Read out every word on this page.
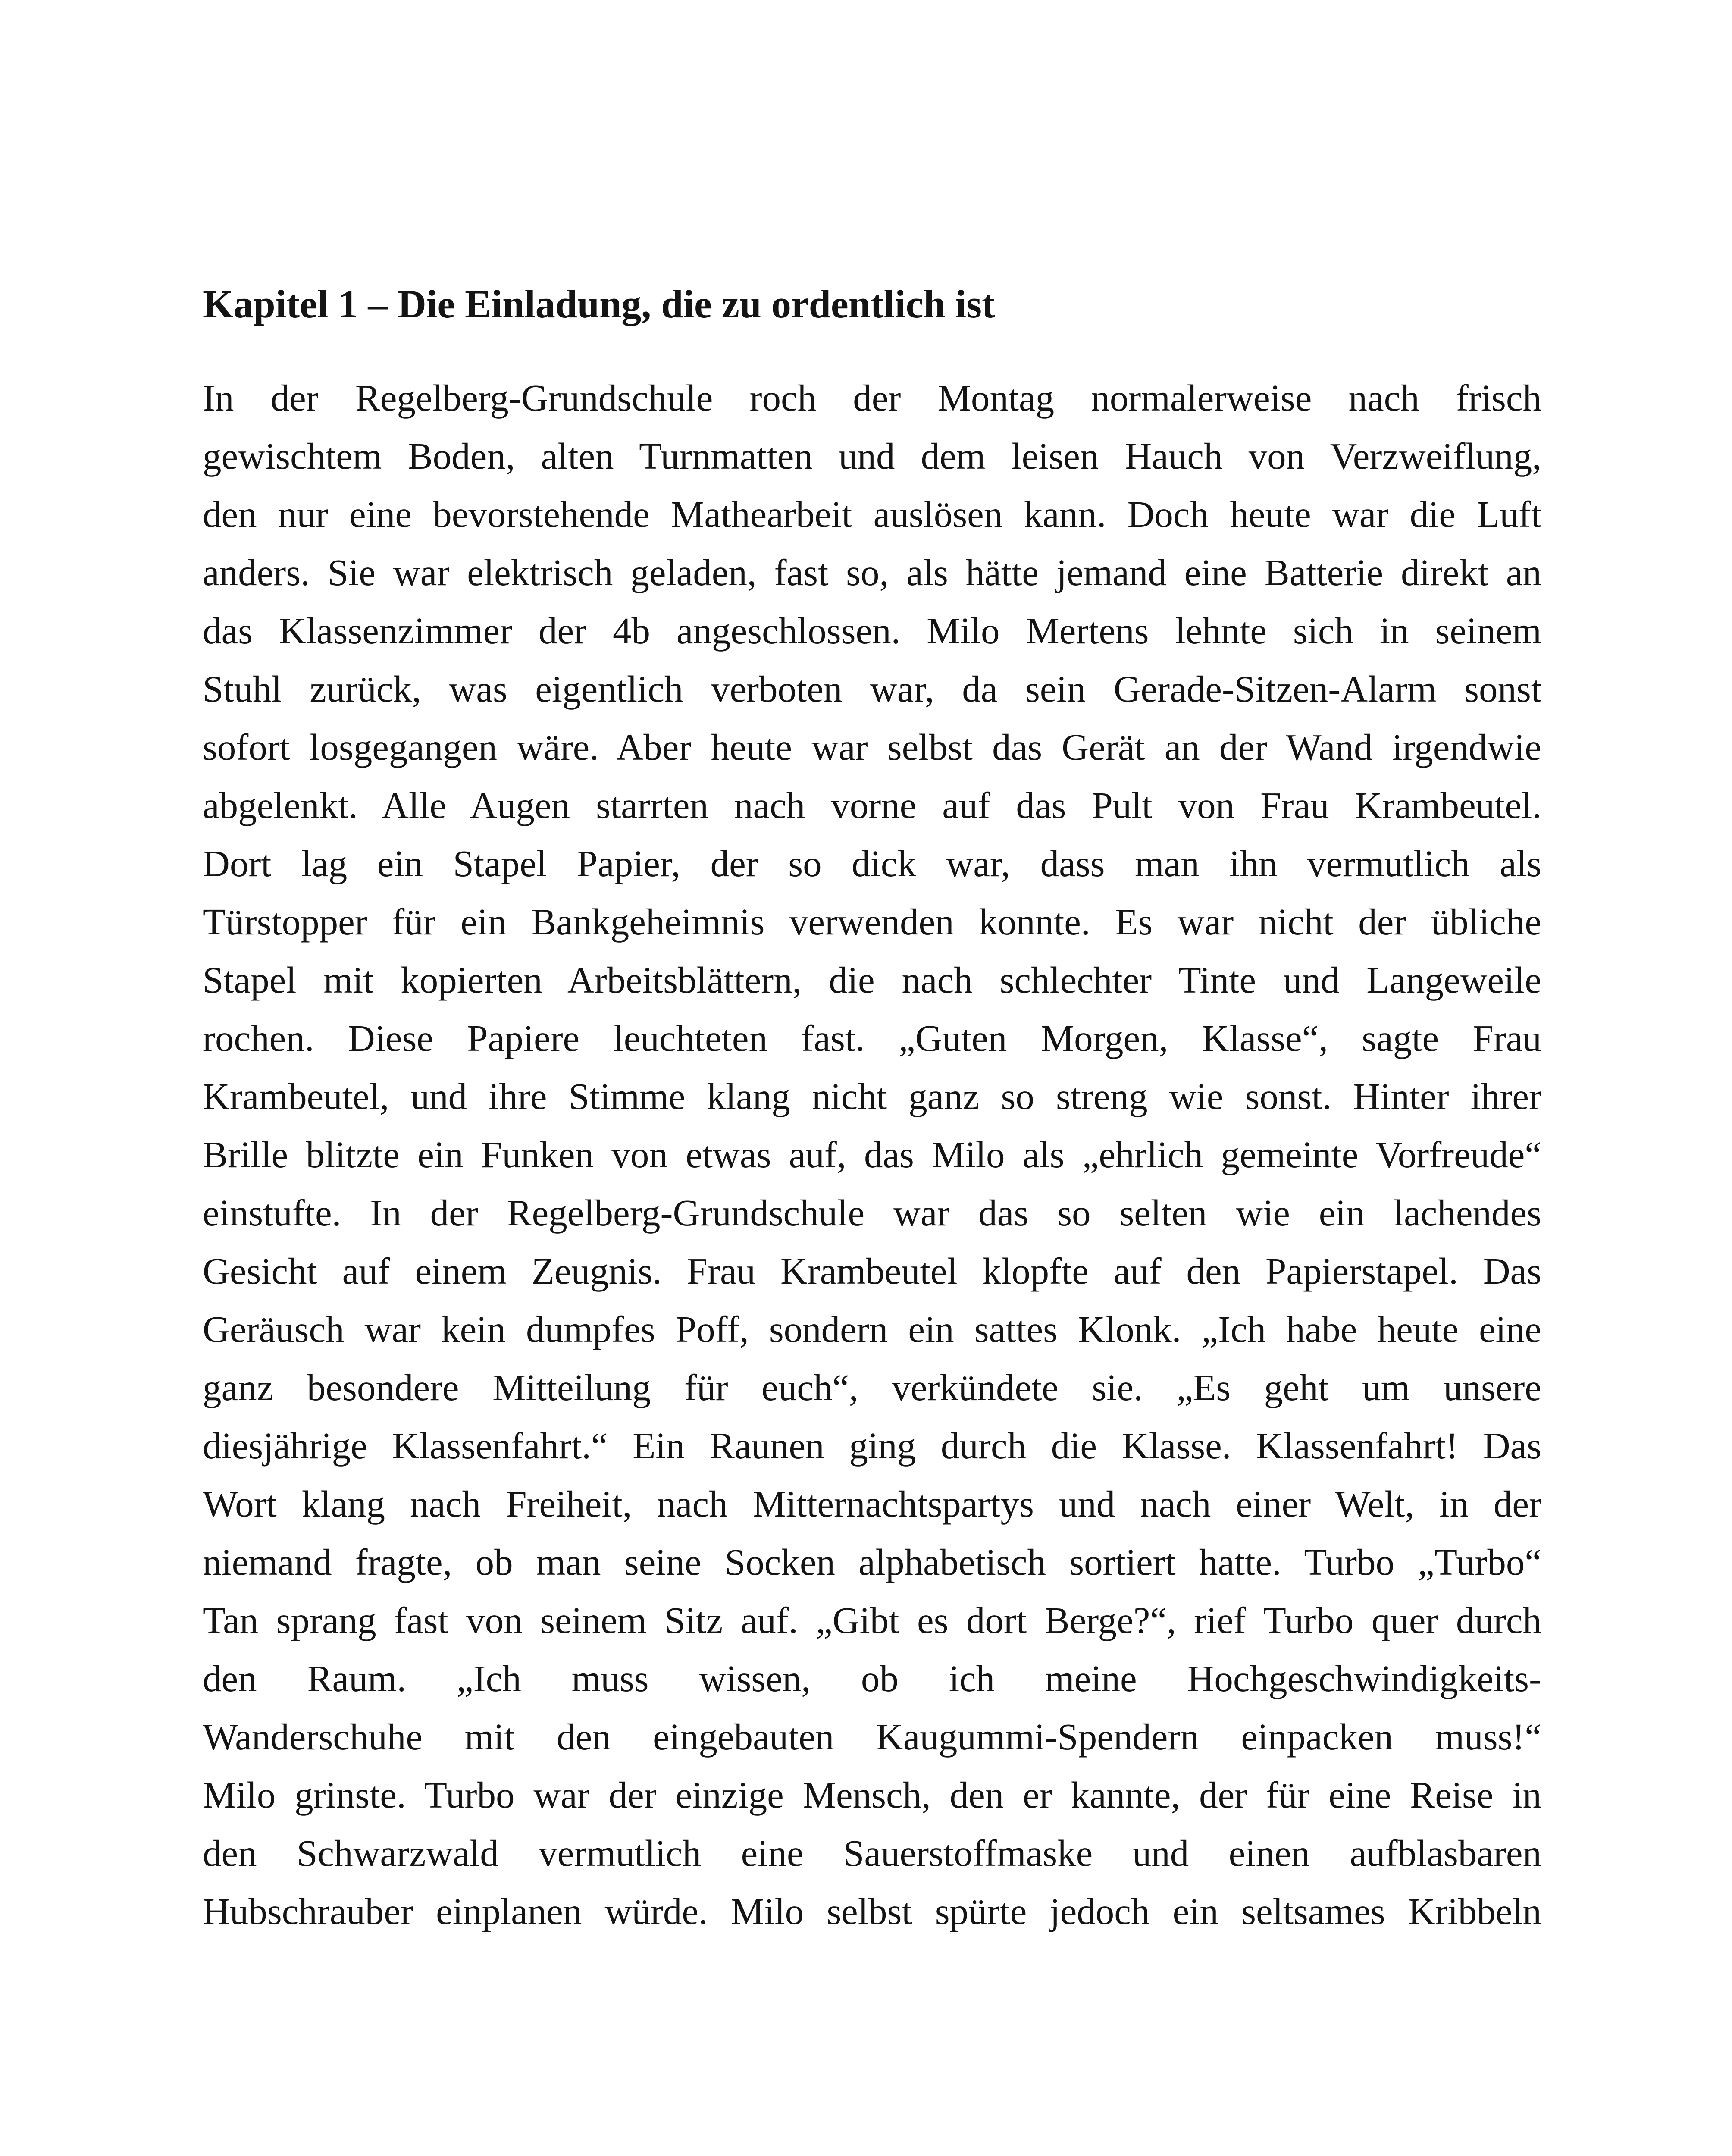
Kapitel 1 – Die Einladung, die zu ordentlich ist
In der Regelberg-Grundschule roch der Montag normalerweise nach frisch
gewischtem Boden, alten Turnmatten und dem leisen Hauch von Verzweiflung,
den nur eine bevorstehende Mathearbeit auslösen kann. Doch heute war die Luft
anders. Sie war elektrisch geladen, fast so, als hätte jemand eine Batterie direkt an
das Klassenzimmer der 4b angeschlossen. Milo Mertens lehnte sich in seinem
Stuhl zurück, was eigentlich verboten war, da sein Gerade-Sitzen-Alarm sonst
sofort losgegangen wäre. Aber heute war selbst das Gerät an der Wand irgendwie
abgelenkt. Alle Augen starrten nach vorne auf das Pult von Frau Krambeutel.
Dort lag ein Stapel Papier, der so dick war, dass man ihn vermutlich als
Türstopper für ein Bankgeheimnis verwenden konnte. Es war nicht der übliche
Stapel mit kopierten Arbeitsblättern, die nach schlechter Tinte und Langeweile
rochen. Diese Papiere leuchteten fast. „Guten Morgen, Klasse“, sagte Frau
Krambeutel, und ihre Stimme klang nicht ganz so streng wie sonst. Hinter ihrer
Brille blitzte ein Funken von etwas auf, das Milo als „ehrlich gemeinte Vorfreude“
einstufte. In der Regelberg-Grundschule war das so selten wie ein lachendes
Gesicht auf einem Zeugnis. Frau Krambeutel klopfte auf den Papierstapel. Das
Geräusch war kein dumpfes Poff, sondern ein sattes Klonk. „Ich habe heute eine
ganz besondere Mitteilung für euch“, verkündete sie. „Es geht um unsere
diesjährige Klassenfahrt.“ Ein Raunen ging durch die Klasse. Klassenfahrt! Das
Wort klang nach Freiheit, nach Mitternachtspartys und nach einer Welt, in der
niemand fragte, ob man seine Socken alphabetisch sortiert hatte. Turbo „Turbo“
Tan sprang fast von seinem Sitz auf. „Gibt es dort Berge?“, rief Turbo quer durch
den Raum. „Ich muss wissen, ob ich meine Hochgeschwindigkeits-
Wanderschuhe mit den eingebauten Kaugummi-Spendern einpacken muss!“
Milo grinste. Turbo war der einzige Mensch, den er kannte, der für eine Reise in
den Schwarzwald vermutlich eine Sauerstoffmaske und einen aufblasbaren
Hubschrauber einplanen würde. Milo selbst spürte jedoch ein seltsames Kribbeln
